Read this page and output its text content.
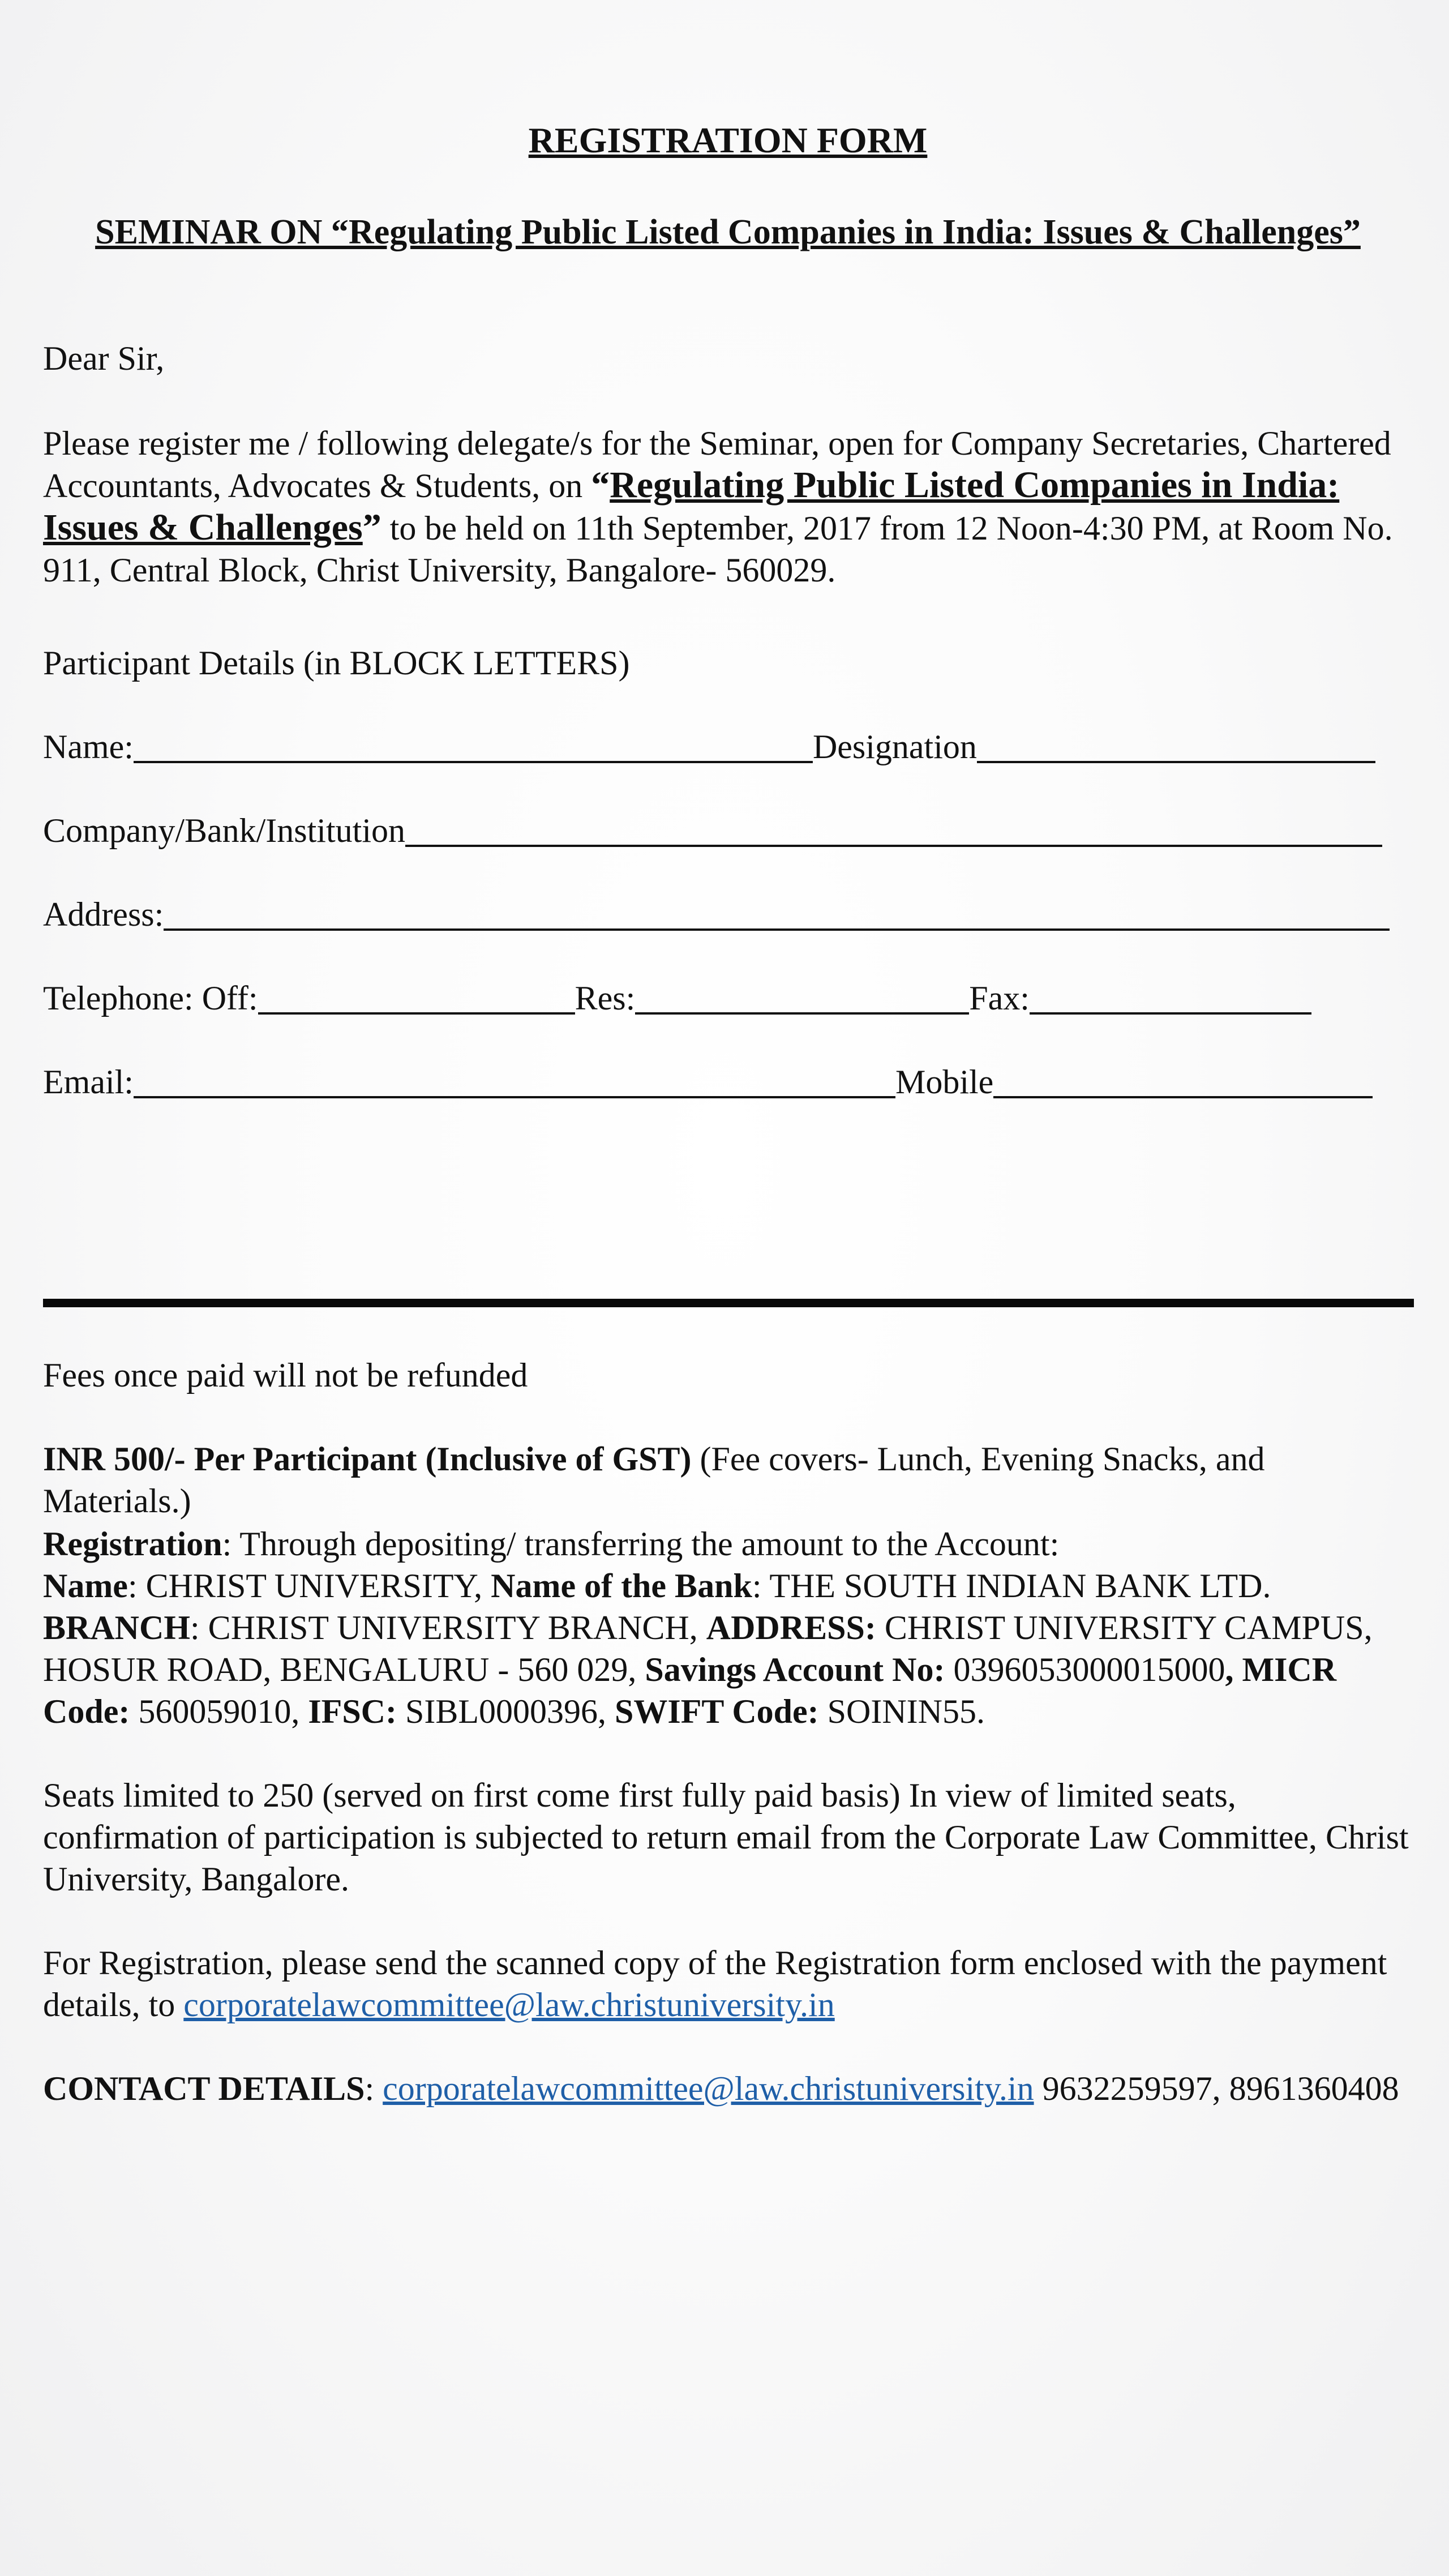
REGISTRATION FORM
SEMINAR ON “Regulating Public Listed Companies in India: Issues & Challenges”
Dear Sir,
Please register me / following delegate/s for the Seminar, open for Company Secretaries, Chartered Accountants, Advocates & Students, on “Regulating Public Listed Companies in India: Issues & Challenges” to be held on 11th September, 2017 from 12 Noon-4:30 PM, at Room No. 911, Central Block, Christ University, Bangalore- 560029.
Participant Details (in BLOCK LETTERS)
Name:	Designation
Company/Bank/Institution
Address:
Telephone: Off:	Res:	Fax:
Email:	Mobile
Fees once paid will not be refunded
INR 500/- Per Participant (Inclusive of GST) (Fee covers- Lunch, Evening Snacks, and Materials.)
Registration: Through depositing/ transferring the amount to the Account:
Name: CHRIST UNIVERSITY, Name of the Bank: THE SOUTH INDIAN BANK LTD.
BRANCH: CHRIST UNIVERSITY BRANCH, ADDRESS: CHRIST UNIVERSITY CAMPUS, HOSUR ROAD, BENGALURU - 560 029, Savings Account No: 0396053000015000, MICR Code: 560059010, IFSC: SIBL0000396, SWIFT Code: SOININ55.
Seats limited to 250 (served on first come first fully paid basis) In view of limited seats, confirmation of participation is subjected to return email from the Corporate Law Committee, Christ University, Bangalore.
For Registration, please send the scanned copy of the Registration form enclosed with the payment details, to corporatelawcommittee@law.christuniversity.in
CONTACT DETAILS: corporatelawcommittee@law.christuniversity.in 9632259597, 8961360408
